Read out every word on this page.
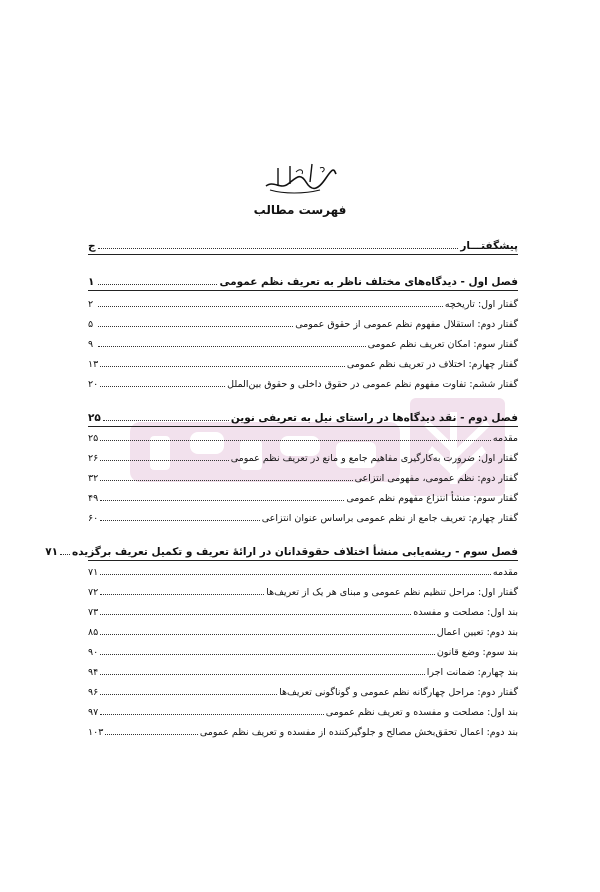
فهرست مطالب
پیشگفتـــار
ج
فصل اول - دیدگاه‌های مختلف ناظر به تعریف نظم عمومی
۱
گفتار اول: تاریخچه
۲
گفتار دوم: استقلال مفهوم نظم عمومی از حقوق عمومی
۵
گفتار سوم: امکان تعریف نظم عمومی
۹
گفتار چهارم: اختلاف در تعریف نظم عمومی
۱۳
گفتار ششم: تفاوت مفهوم نظم عمومی در حقوق داخلی و حقوق بین‌الملل
۲۰
فصل دوم - نقد دیدگاه‌ها در راستای نیل به تعریفی نوین
۲۵
مقدمه
۲۵
گفتار اول: ضرورت به‌کارگیری مفاهیم جامع و مانع در تعریف نظم عمومی
۲۶
گفتار دوم: نظم عمومی، مفهومی انتزاعی
۳۲
گفتار سوم: منشأ انتزاع مفهوم نظم عمومی
۴۹
گفتار چهارم: تعریف جامع از نظم عمومی براساس عنوان انتزاعی
۶۰
فصل سوم - ریشه‌یابی منشأ اختلاف حقوقدانان در ارائهٔ تعریف و تکمیل تعریف برگزیده
۷۱
مقدمه
۷۱
گفتار اول: مراحل تنظیم نظم عمومی و مبنای هر یک از تعریف‌ها
۷۲
بند اول: مصلحت و مفسده
۷۳
بند دوم: تعیین اعمال
۸۵
بند سوم: وضع قانون
۹۰
بند چهارم: ضمانت اجرا
۹۴
گفتار دوم: مراحل چهارگانه نظم عمومی و گوناگونی تعریف‌ها
۹۶
بند اول: مصلحت و مفسده و تعریف نظم عمومی
۹۷
بند دوم: اعمال تحقق‌بخش مصالح و جلوگیرکننده از مفسده و تعریف نظم عمومی
۱۰۳
